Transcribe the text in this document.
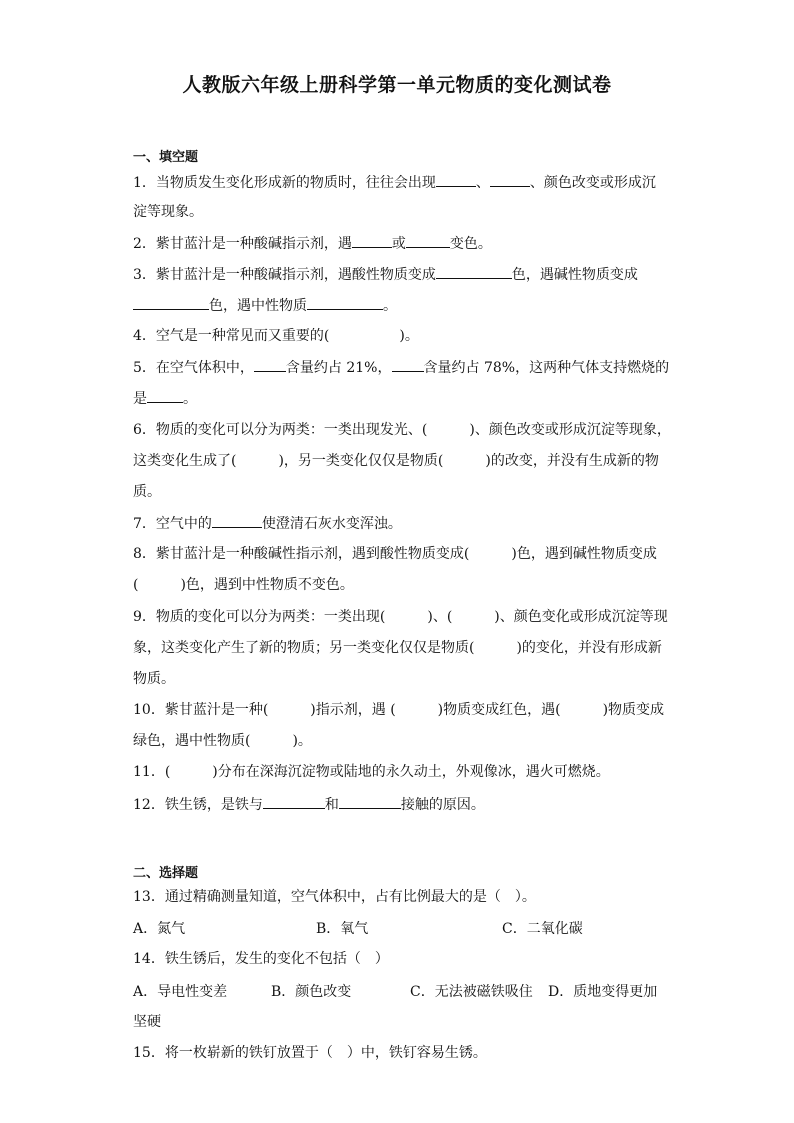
人教版六年级上册科学第一单元物质的变化测试卷
一、填空题
1．当物质发生变化形成新的物质时，往往会出现	、	、颜色改变或形成沉
淀等现象。
2．紫甘蓝汁是一种酸碱指示剂，遇	或	变色。
3．紫甘蓝汁是一种酸碱指示剂，遇酸性物质变成	色，遇碱性物质变成
色，遇中性物质	。
4．空气是一种常见而又重要的(　　　　　)。
5．在空气体积中， 含量约占 21%， 含量约占 78%，这两种气体支持燃烧的
是	。
6．物质的变化可以分为两类：一类出现发光、(　　　)、颜色改变或形成沉淀等现象，
这类变化生成了(　　　)，另一类变化仅仅是物质(　　　)的改变，并没有生成新的物
质。
7．空气中的	使澄清石灰水变浑浊。
8．紫甘蓝汁是一种酸碱性指示剂，遇到酸性物质变成(　　　)色，遇到碱性物质变成
(　　　)色，遇到中性物质不变色。
9．物质的变化可以分为两类：一类出现(　　　)、(　　　)、颜色变化或形成沉淀等现
象，这类变化产生了新的物质；另一类变化仅仅是物质(　　　)的变化，并没有形成新
物质。
10．紫甘蓝汁是一种(　　　)指示剂，遇 (　　　)物质变成红色，遇(　　　)物质变成
绿色，遇中性物质(　　　)。
11．(　　　)分布在深海沉淀物或陆地的永久动土，外观像冰，遇火可燃烧。
12．铁生锈，是铁与	和	接触的原因。
二、选择题
13．通过精确测量知道，空气体积中，占有比例最大的是（　）。
A．氮气	B．氧气	C．二氧化碳
14．铁生锈后，发生的变化不包括（　）
A．导电性变差	B．颜色改变	C．无法被磁铁吸住 D．质地变得更加
坚硬
15．将一枚崭新的铁钉放置于（　）中，铁钉容易生锈。
